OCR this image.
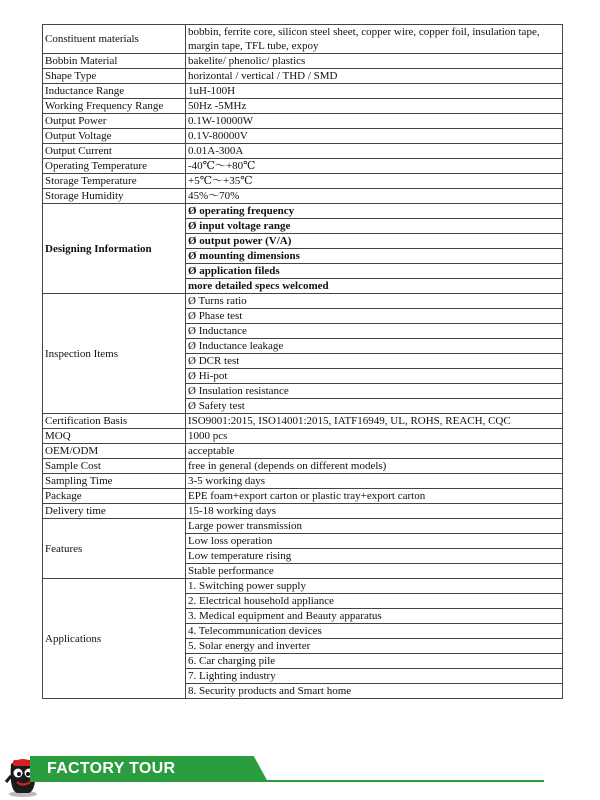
Constituent materials	bobbin, ferrite core, silicon steel sheet, copper wire, copper foil, insulation tape, margin tape, TFL tube, expoy
Bobbin Material	bakelite/ phenolic/ plastics
Shape Type	horizontal / vertical / THD / SMD
Inductance Range	1uH-100H
Working Frequency Range	50Hz -5MHz
Output Power	0.1W-10000W
Output Voltage	0.1V-80000V
Output Current	0.01A-300A
Operating Temperature	-40℃～+80℃
Storage Temperature	+5℃～+35℃
Storage Humidity	45%～70%
Designing Information	Ø operating frequency
	Ø input voltage range
	Ø output power (V/A)
	Ø mounting dimensions
	Ø application fileds
	more detailed specs welcomed
Inspection Items	Ø Turns ratio
	Ø Phase test
	Ø Inductance
	Ø Inductance leakage
	Ø DCR test
	Ø Hi-pot
	Ø Insulation resistance
	Ø Safety test
Certification Basis	ISO9001:2015, ISO14001:2015, IATF16949, UL, ROHS, REACH, CQC
MOQ	1000 pcs
OEM/ODM	acceptable
Sample Cost	free in general (depends on different models)
Sampling Time	3-5 working days
Package	EPE foam+export carton or plastic tray+export carton
Delivery time	15-18 working days
Features	Large power transmission
	Low loss operation
	Low temperature rising
	Stable performance
Applications	1. Switching power supply
	2. Electrical household appliance
	3. Medical equipment and Beauty apparatus
	4. Telecommunication devices
	5. Solar energy and inverter
	6. Car charging pile
	7. Lighting industry
	8. Security products and Smart home
FACTORY TOUR
